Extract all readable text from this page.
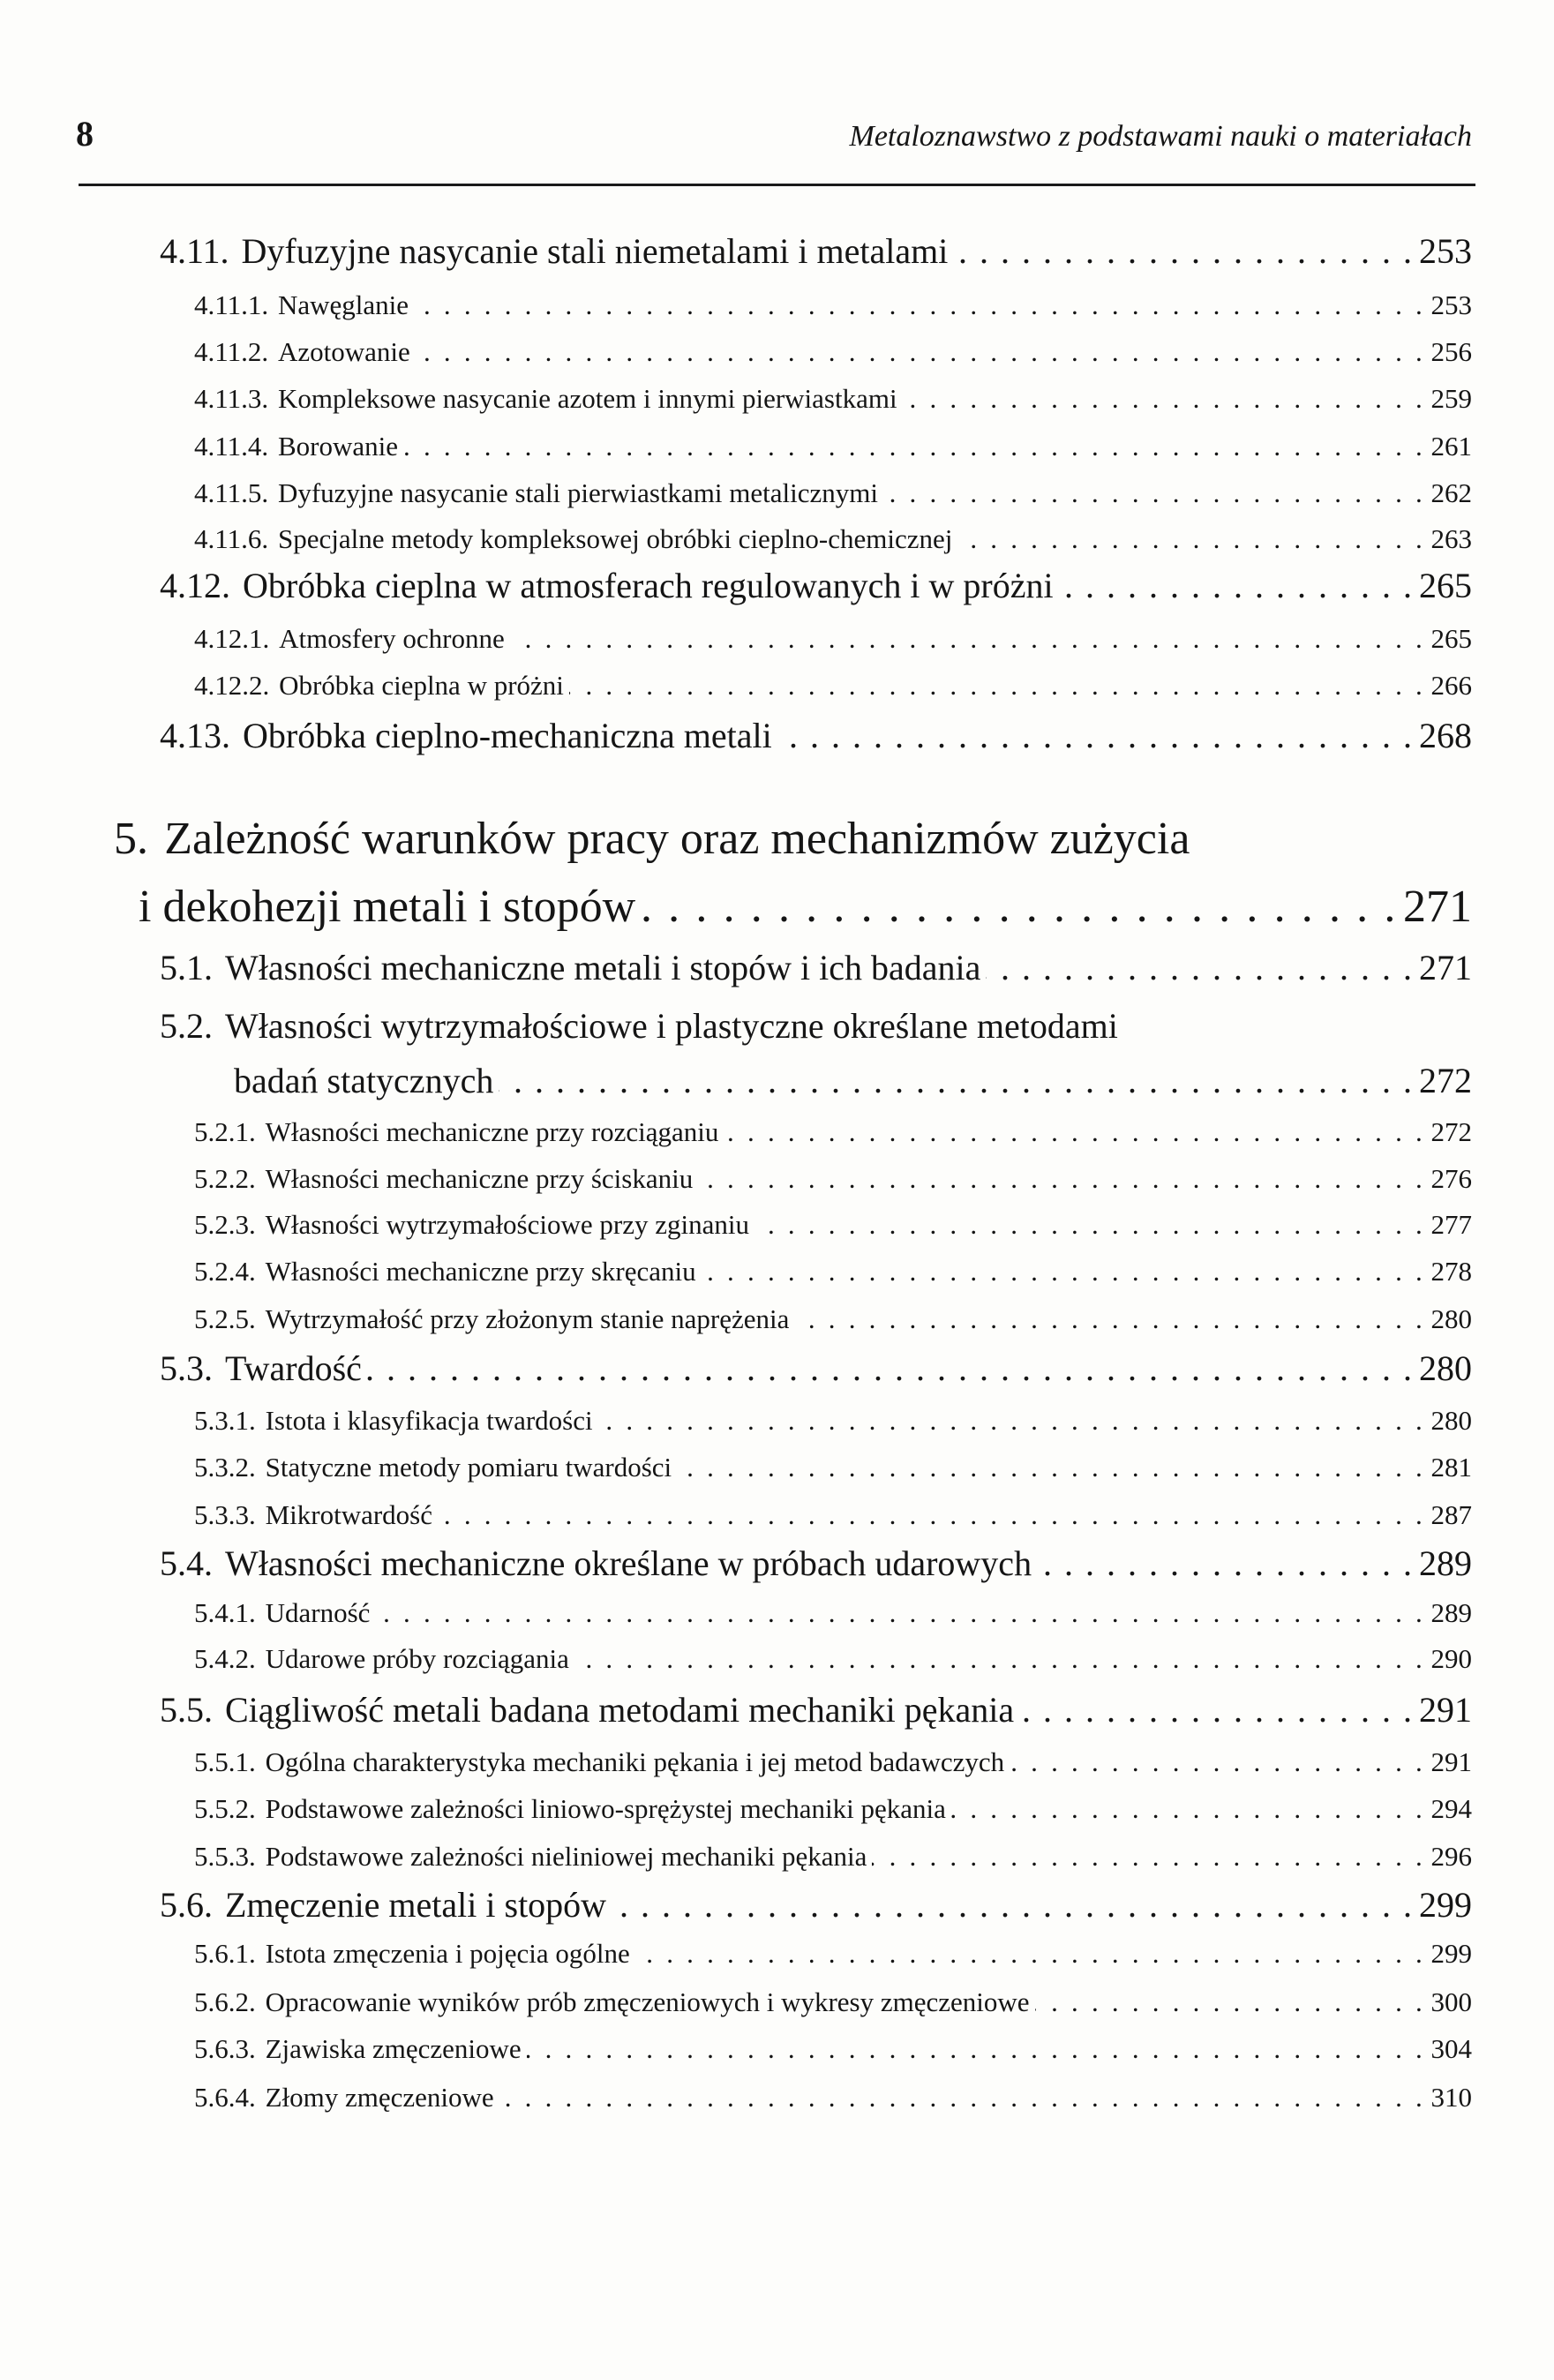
8	Metaloznawstwo z podstawami nauki o materiałach
4.11. Dyfuzyjne nasycanie stali niemetalami i metalami . . .	253
4.11.1. Nawęglanie . . .	253
4.11.2. Azotowanie . . .	256
4.11.3. Kompleksowe nasycanie azotem i innymi pierwiastkami . . .	259
4.11.4. Borowanie . . .	261
4.11.5. Dyfuzyjne nasycanie stali pierwiastkami metalicznymi . . .	262
4.11.6. Specjalne metody kompleksowej obróbki cieplno-chemicznej . . .	263
4.12. Obróbka cieplna w atmosferach regulowanych i w próżni . . .	265
4.12.1. Atmosfery ochronne . . .	265
4.12.2. Obróbka cieplna w próżni . . .	266
4.13. Obróbka cieplno-mechaniczna metali . . .	268
5. Zależność warunków pracy oraz mechanizmów zużycia
i dekohezji metali i stopów . . .	271
5.1. Własności mechaniczne metali i stopów i ich badania . . .	271
5.2. Własności wytrzymałościowe i plastyczne określane metodami
badań statycznych . . .	272
5.2.1. Własności mechaniczne przy rozciąganiu . . .	272
5.2.2. Własności mechaniczne przy ściskaniu . . .	276
5.2.3. Własności wytrzymałościowe przy zginaniu . . .	277
5.2.4. Własności mechaniczne przy skręcaniu . . .	278
5.2.5. Wytrzymałość przy złożonym stanie naprężenia . . .	280
5.3. Twardość . . .	280
5.3.1. Istota i klasyfikacja twardości . . .	280
5.3.2. Statyczne metody pomiaru twardości . . .	281
5.3.3. Mikrotwardość . . .	287
5.4. Własności mechaniczne określane w próbach udarowych . . .	289
5.4.1. Udarność . . .	289
5.4.2. Udarowe próby rozciągania . . .	290
5.5. Ciągliwość metali badana metodami mechaniki pękania . . .	291
5.5.1. Ogólna charakterystyka mechaniki pękania i jej metod badawczych . . .	291
5.5.2. Podstawowe zależności liniowo-sprężystej mechaniki pękania . . .	294
5.5.3. Podstawowe zależności nieliniowej mechaniki pękania . . .	296
5.6. Zmęczenie metali i stopów . . .	299
5.6.1. Istota zmęczenia i pojęcia ogólne . . .	299
5.6.2. Opracowanie wyników prób zmęczeniowych i wykresy zmęczeniowe . . .	300
5.6.3. Zjawiska zmęczeniowe . . .	304
5.6.4. Złomy zmęczeniowe . . .	310
